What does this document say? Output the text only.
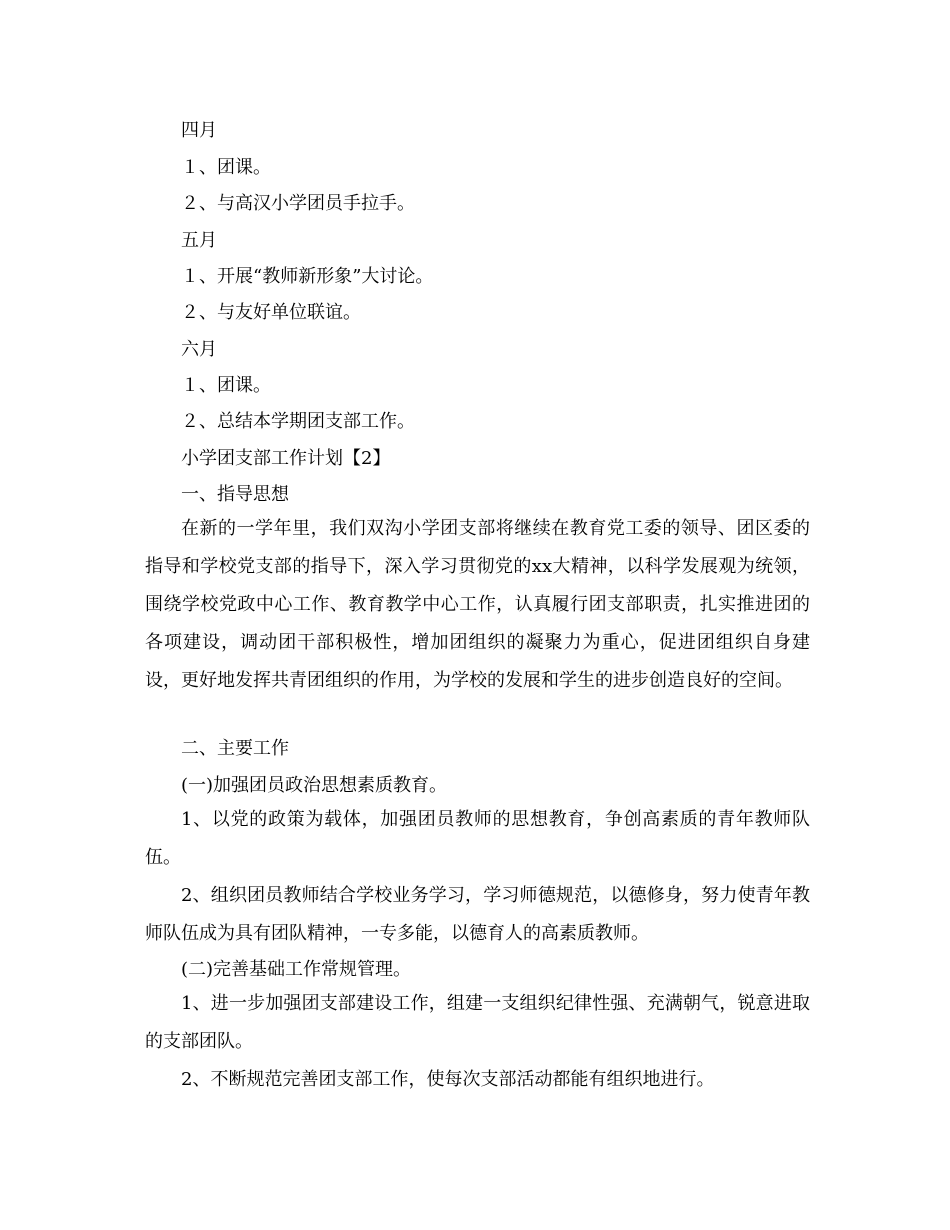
四月
１、团课。
２、与高汉小学团员手拉手。
五月
１、开展“教师新形象”大讨论。
２、与友好单位联谊。
六月
１、团课。
２、总结本学期团支部工作。
小学团支部工作计划【2】
一、指导思想

在新的一学年里，我们双沟小学团支部将继续在教育党工委的领导、团区委的指导和学校党支部的指导下，深入学习贯彻党的xx大精神，以科学发展观为统领，围绕学校党政中心工作、教育教学中心工作，认真履行团支部职责，扎实推进团的各项建设，调动团干部积极性，增加团组织的凝聚力为重心，促进团组织自身建设，更好地发挥共青团组织的作用，为学校的发展和学生的进步创造良好的空间。

二、主要工作
(一)加强团员政治思想素质教育。

1、以党的政策为载体，加强团员教师的思想教育，争创高素质的青年教师队伍。

2、组织团员教师结合学校业务学习，学习师德规范，以德修身，努力使青年教师队伍成为具有团队精神，一专多能，以德育人的高素质教师。

(二)完善基础工作常规管理。

1、进一步加强团支部建设工作，组建一支组织纪律性强、充满朝气，锐意进取的支部团队。

2、不断规范完善团支部工作，使每次支部活动都能有组织地进行。
